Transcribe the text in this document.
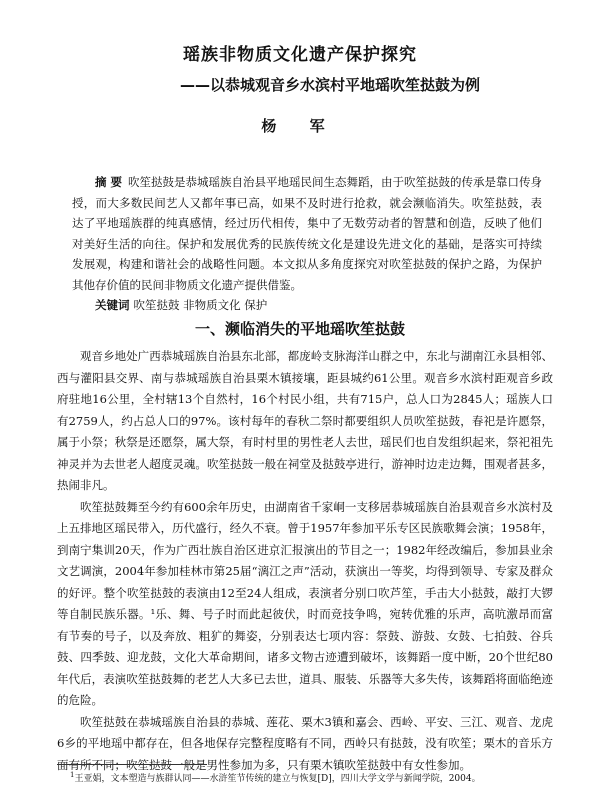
瑶族非物质文化遗产保护探究
——以恭城观音乡水滨村平地瑶吹笙挞鼓为例
杨 军
摘 要 吹笙挞鼓是恭城瑶族自治县平地瑶民间生态舞蹈，由于吹笙挞鼓的传承是靠口传身授，而大多数民间艺人又都年事已高，如果不及时进行抢救，就会濒临消失。吹笙挞鼓，表达了平地瑶族群的纯真感情，经过历代相传，集中了无数劳动者的智慧和创造，反映了他们对美好生活的向往。保护和发展优秀的民族传统文化是建设先进文化的基础，是落实可持续发展观，构建和谐社会的战略性问题。本文拟从多角度探究对吹笙挞鼓的保护之路，为保护其他存价值的民间非物质文化遗产提供借鉴。
关键词 吹笙挞鼓 非物质文化 保护
一、濒临消失的平地瑶吹笙挞鼓

观音乡地处广西恭城瑶族自治县东北部，都庞岭支脉海洋山群之中，东北与湖南江永县相邻、西与灌阳县交界、南与恭城瑶族自治县栗木镇接壤，距县城约61公里。观音乡水滨村距观音乡政府驻地16公里，全村辖13个自然村，16个村民小组，共有715户，总人口为2845人；瑶族人口有2759人，约占总人口的97%。该村每年的春秋二祭时都要组织人员吹笙挞鼓，春祀是许愿祭，属于小祭；秋祭是还愿祭，属大祭，有时村里的男性老人去世，瑶民们也自发组织起来，祭祀祖先神灵并为去世老人超度灵魂。吹笙挞鼓一般在祠堂及挞鼓亭进行，游神时边走边舞，围观者甚多，热闹非凡。

吹笙挞鼓舞至今约有600余年历史，由湖南省千家峒一支移居恭城瑶族自治县观音乡水滨村及上五排地区瑶民带入，历代盛行，经久不衰。曾于1957年参加平乐专区民族歌舞会演；1958年，到南宁集训20天，作为广西壮族自治区进京汇报演出的节目之一；1982年经改编后，参加县业余文艺调演，2004年参加桂林市第25届“漓江之声”活动，获演出一等奖，均得到领导、专家及群众的好评。整个吹笙挞鼓的表演由12至24人组成，表演者分别口吹芦笙，手击大小挞鼓，敲打大锣等自制民族乐器。¹乐、舞、号子时而此起彼伏，时而竞技争鸣，宛转优雅的乐声，高吭激昂而富有节奏的号子，以及奔放、粗犷的舞姿，分别表达七项内容：祭鼓、游鼓、女鼓、七拍鼓、谷兵鼓、四季鼓、迎龙鼓，文化大革命期间，诸多文物古迹遭到破坏，该舞蹈一度中断，20个世纪80年代后，表演吹笙挞鼓舞的老艺人大多已去世，道具、服装、乐器等大多失传，该舞蹈将面临绝迹的危险。

吹笙挞鼓在恭城瑶族自治县的恭城、莲花、栗木3镇和嘉会、西岭、平安、三江、观音、龙虎6乡的平地瑶中都存在，但各地保存完整程度略有不同，西岭只有挞鼓，没有吹笙；栗木的音乐方面有所不同；吹笙挞鼓一般是男性参加为多，只有栗木镇吹笙挞鼓中有女性参加。

$^1$王亚娟，文本塑造与族群认同——水浒笙节传统的建立与恢复[D]，四川大学文学与新闻学院，2004。
